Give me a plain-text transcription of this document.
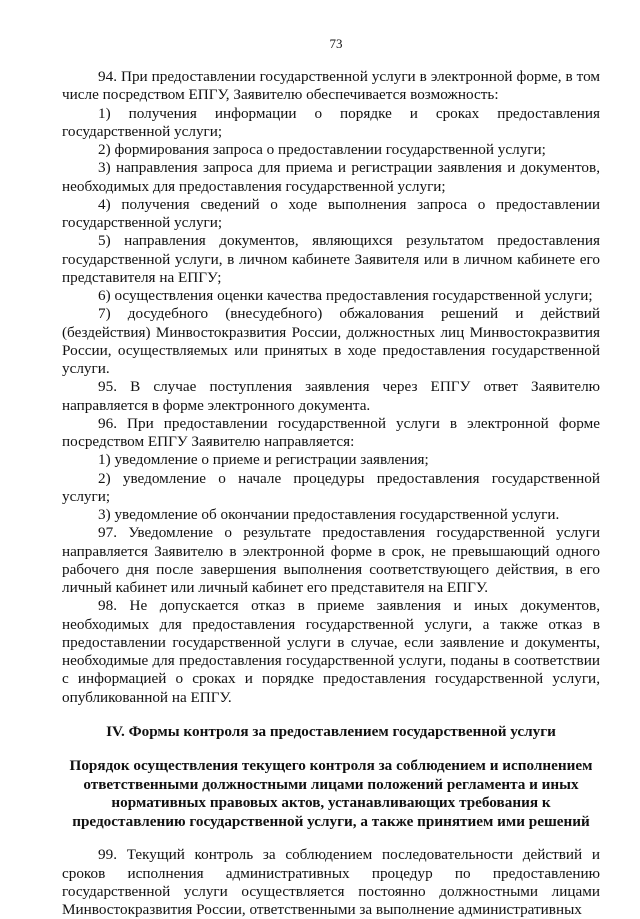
73

94. При предоставлении государственной услуги в электронной форме, в том числе посредством ЕПГУ, Заявителю обеспечивается возможность:

1) получения информации о порядке и сроках предоставления государственной услуги;

2) формирования запроса о предоставлении государственной услуги;

3) направления запроса для приема и регистрации заявления и документов, необходимых для предоставления государственной услуги;

4) получения сведений о ходе выполнения запроса о предоставлении государственной услуги;

5) направления документов, являющихся результатом предоставления государственной услуги, в личном кабинете Заявителя или в личном кабинете его представителя на ЕПГУ;

6) осуществления оценки качества предоставления государственной услуги;

7) досудебного (внесудебного) обжалования решений и действий (бездействия) Минвостокразвития России, должностных лиц Минвостокразвития России, осуществляемых или принятых в ходе предоставления государственной услуги.

95. В случае поступления заявления через ЕПГУ ответ Заявителю направляется в форме электронного документа.

96. При предоставлении государственной услуги в электронной форме посредством ЕПГУ Заявителю направляется:

1) уведомление о приеме и регистрации заявления;

2) уведомление о начале процедуры предоставления государственной услуги;

3) уведомление об окончании предоставления государственной услуги.

97. Уведомление о результате предоставления государственной услуги направляется Заявителю в электронной форме в срок, не превышающий одного рабочего дня после завершения выполнения соответствующего действия, в его личный кабинет или личный кабинет его представителя на ЕПГУ.

98. Не допускается отказ в приеме заявления и иных документов, необходимых для предоставления государственной услуги, а также отказ в предоставлении государственной услуги в случае, если заявление и документы, необходимые для предоставления государственной услуги, поданы в соответствии с информацией о сроках и порядке предоставления государственной услуги, опубликованной на ЕПГУ.

IV. Формы контроля за предоставлением государственной услуги
Порядок осуществления текущего контроля за соблюдением и исполнением ответственными должностными лицами положений регламента и иных нормативных правовых актов, устанавливающих требования к предоставлению государственной услуги, а также принятием ими решений

99. Текущий контроль за соблюдением последовательности действий и сроков исполнения административных процедур по предоставлению государственной услуги осуществляется постоянно должностными лицами Минвостокразвития России, ответственными за выполнение административных
